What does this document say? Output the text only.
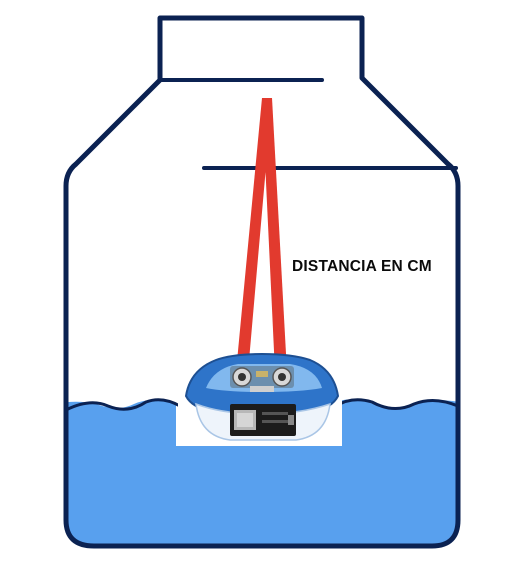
DISTANCIA EN CM
